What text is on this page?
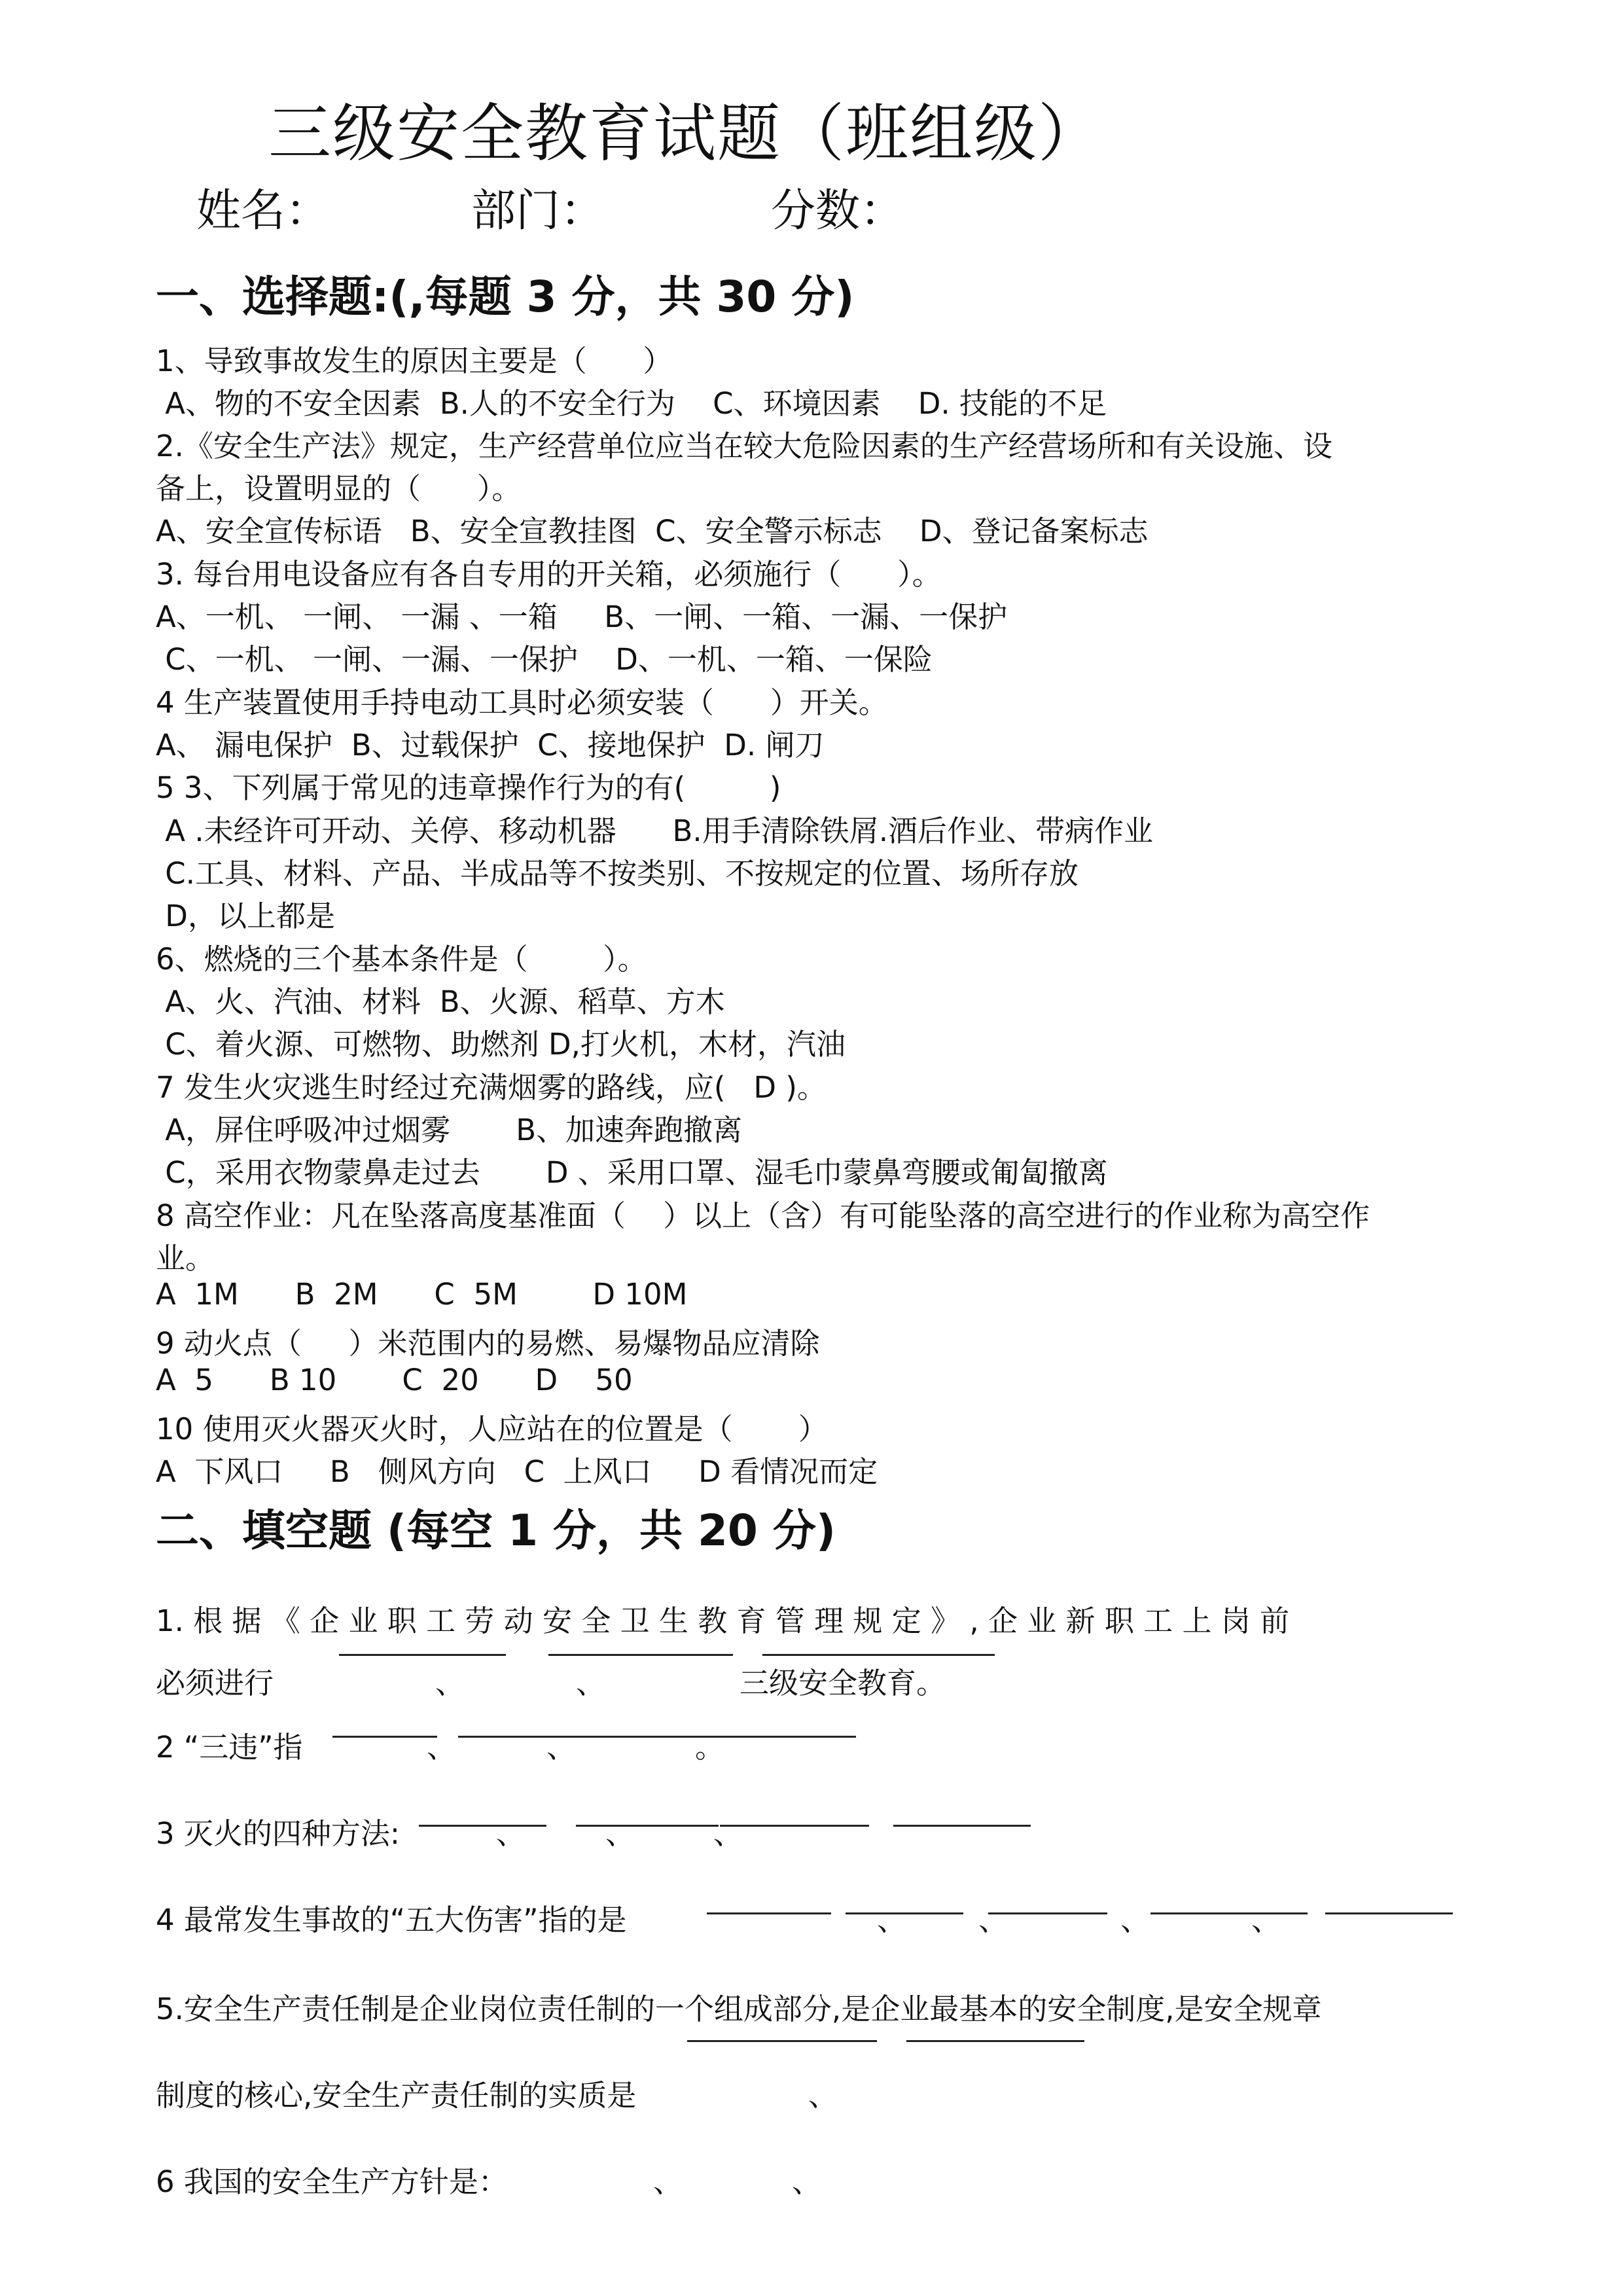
三级安全教育试题（班组级）
姓名：	部门：	分数：
一、选择题:(,每题 3 分，共 30 分)
1、导致事故发生的原因主要是（      ）
A、物的不安全因素  B.人的不安全行为    C、环境因素    D. 技能的不足
2.《安全生产法》规定，生产经营单位应当在较大危险因素的生产经营场所和有关设施、设
备上，设置明显的（      ）。
A、安全宣传标语   B、安全宣教挂图  C、安全警示标志    D、登记备案标志
3. 每台用电设备应有各自专用的开关箱，必须施行（      ）。
A、一机、 一闸、 一漏 、一箱     B、一闸、一箱、一漏、一保护
C、一机、 一闸、一漏、一保护    D、一机、一箱、一保险
4 生产装置使用手持电动工具时必须安装（      ）开关。
A、 漏电保护  B、过载保护  C、接地保护  D. 闸刀
5 3、下列属于常见的违章操作行为的有(         )
A .未经许可开动、关停、移动机器      B.用手清除铁屑.酒后作业、带病作业
C.工具、材料、产品、半成品等不按类别、不按规定的位置、场所存放
D，以上都是
6、燃烧的三个基本条件是（        ）。
A、火、汽油、材料  B、火源、稻草、方木
C、着火源、可燃物、助燃剂 D,打火机，木材，汽油
7 发生火灾逃生时经过充满烟雾的路线，应(   D )。
A，屏住呼吸冲过烟雾       B、加速奔跑撤离
C，采用衣物蒙鼻走过去       D 、采用口罩、湿毛巾蒙鼻弯腰或匍匐撤离
8 高空作业：凡在坠落高度基准面（    ）以上（含）有可能坠落的高空进行的作业称为高空作
业。
A  1M      B  2M      C  5M        D 10M
9 动火点（     ）米范围内的易燃、易爆物品应清除
A  5      B 10       C  20      D    50
10 使用灭火器灭火时，人应站在的位置是（       ）
A  下风口     B   侧风方向   C  上风口     D 看情况而定
二、填空题 (每空 1 分，共 20 分)
1. 根 据 《 企 业 职 工 劳 动 安 全 卫 生 教 育 管 理 规 定 》 , 企 业 新 职 工 上 岗 前
必须进行	、	、	三级安全教育。
2 “三违”指	、	、	。
3 灭火的四种方法:	、	、	、
4 最常发生事故的“五大伤害”指的是	、 、	、	、
5.安全生产责任制是企业岗位责任制的一个组成部分,是企业最基本的安全制度,是安全规章
制度的核心,安全生产责任制的实质是	、
6 我国的安全生产方针是：	、	、
